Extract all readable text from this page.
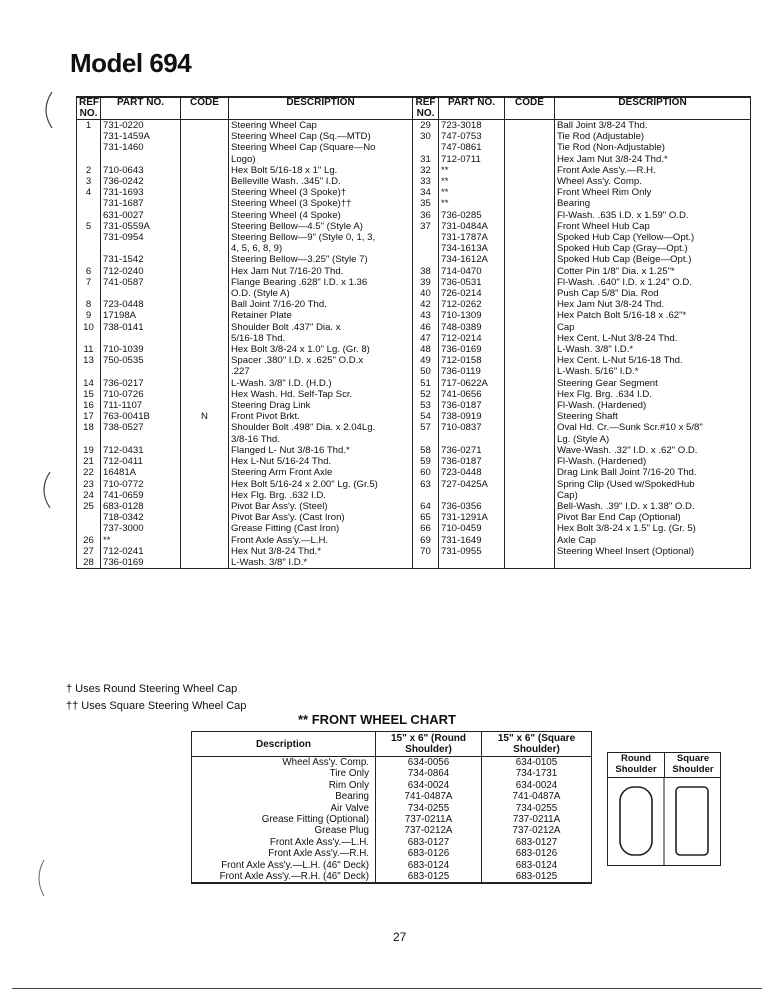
Model 694
REF NO.	PART NO.	CODE	DESCRIPTION	REF NO.	PART NO.	CODE	DESCRIPTION
1	731-0220		Steering Wheel Cap	29	723-3018		Ball Joint 3/8-24 Thd.
	731-1459A		Steering Wheel Cap (Sq.—MTD)	30	747-0753		Tie Rod (Adjustable)
	731-1460		Steering Wheel Cap (Square—No		747-0861		Tie Rod (Non-Adjustable)
			Logo)	31	712-0711		Hex Jam Nut 3/8-24 Thd.*
2	710-0643		Hex Bolt 5/16-18 x 1" Lg.	32	**		Front Axle Ass'y.—R.H.
3	736-0242		Belleville Wash. .345" I.D.	33	**		Wheel Ass'y. Comp.
4	731-1693		Steering Wheel (3 Spoke)†	34	**		Front Wheel Rim Only
	731-1687		Steering Wheel (3 Spoke)††	35	**		Bearing
	631-0027		Steering Wheel (4 Spoke)	36	736-0285		Fl-Wash. .635 I.D. x 1.59" O.D.
5	731-0559A		Steering Bellow—4.5" (Style A)	37	731-0484A		Front Wheel Hub Cap
	731-0954		Steering Bellow—9" (Style 0, 1, 3,		731-1787A		Spoked Hub Cap (Yellow—Opt.)
			4, 5, 6, 8, 9)		734-1613A		Spoked Hub Cap (Gray—Opt.)
	731-1542		Steering Bellow—3.25" (Style 7)		734-1612A		Spoked Hub Cap (Beige—Opt.)
6	712-0240		Hex Jam Nut 7/16-20 Thd.	38	714-0470		Cotter Pin 1/8" Dia. x 1.25"*
7	741-0587		Flange Bearing .628" I.D. x 1.36	39	736-0531		Fl-Wash. .640" I.D. x 1.24" O.D.
			O.D. (Style A)	40	726-0214		Push Cap 5/8" Dia. Rod
8	723-0448		Ball Joint 7/16-20 Thd.	42	712-0262		Hex Jam Nut 3/8-24 Thd.
9	17198A		Retainer Plate	43	710-1309		Hex Patch Bolt 5/16-18 x .62"*
10	738-0141		Shoulder Bolt .437" Dia. x	46	748-0389		Cap
			5/16-18 Thd.	47	712-0214		Hex Cent. L-Nut 3/8-24 Thd.
11	710-1039		Hex Bolt 3/8-24 x 1.0" Lg. (Gr. 8)	48	736-0169		L-Wash. 3/8" I.D.*
13	750-0535		Spacer .380" I.D. x .625" O.D.x	49	712-0158		Hex Cent. L-Nut 5/16-18 Thd.
			.227	50	736-0119		L-Wash. 5/16" I.D.*
14	736-0217		L-Wash. 3/8" I.D. (H.D.)	51	717-0622A		Steering Gear Segment
15	710-0726		Hex Wash. Hd. Self-Tap Scr.	52	741-0656		Hex Flg. Brg. .634 I.D.
16	711-1107		Steering Drag Link	53	736-0187		Fl-Wash. (Hardened)
17	763-0041B	N	Front Pivot Brkt.	54	738-0919		Steering Shaft
18	738-0527		Shoulder Bolt .498" Dia. x 2.04Lg.	57	710-0837		Oval Hd. Cr.—Sunk Scr.#10 x 5/8"
			3/8-16 Thd.				Lg. (Style A)
19	712-0431		Flanged L- Nut 3/8-16 Thd.*	58	736-0271		Wave-Wash. .32" I.D. x .62" O.D.
21	712-0411		Hex L-Nut 5/16-24 Thd.	59	736-0187		Fl-Wash. (Hardened)
22	16481A		Steering Arm Front Axle	60	723-0448		Drag Link Ball Joint 7/16-20 Thd.
23	710-0772		Hex Bolt 5/16-24 x 2.00" Lg. (Gr.5)	63	727-0425A		Spring Clip (Used w/SpokedHub
24	741-0659		Hex Flg. Brg. .632 I.D.				Cap)
25	683-0128		Pivot Bar Ass'y. (Steel)	64	736-0356		Bell-Wash. .39" I.D. x 1.38" O.D.
	718-0342		Pivot Bar Ass'y. (Cast Iron)	65	731-1291A		Pivot Bar End Cap (Optional)
	737-3000		Grease Fitting (Cast Iron)	66	710-0459		Hex Bolt 3/8-24 x 1.5" Lg. (Gr. 5)
26	**		Front Axle Ass'y.—L.H.	69	731-1649		Axle Cap
27	712-0241		Hex Nut 3/8-24 Thd.*	70	731-0955		Steering Wheel Insert (Optional)
28	736-0169		L-Wash. 3/8" I.D.*				
† Uses Round Steering Wheel Cap
†† Uses Square Steering Wheel Cap
** FRONT WHEEL CHART
Description	15" x 6" (Round Shoulder)	15" x 6" (Square Shoulder)
Wheel Ass'y. Comp.	634-0056	634-0105
Tire Only	734-0864	734-1731
Rim Only	634-0024	634-0024
Bearing	741-0487A	741-0487A
Air Valve	734-0255	734-0255
Grease Fitting (Optional)	737-0211A	737-0211A
Grease Plug	737-0212A	737-0212A
Front Axle Ass'y.—L.H.	683-0127	683-0127
Front Axle Ass'y.—R.H.	683-0126	683-0126
Front Axle Ass'y.—L.H. (46" Deck)	683-0124	683-0124
Front Axle Ass'y.—R.H. (46" Deck)	683-0125	683-0125
Round Shoulder
Square Shoulder
27
